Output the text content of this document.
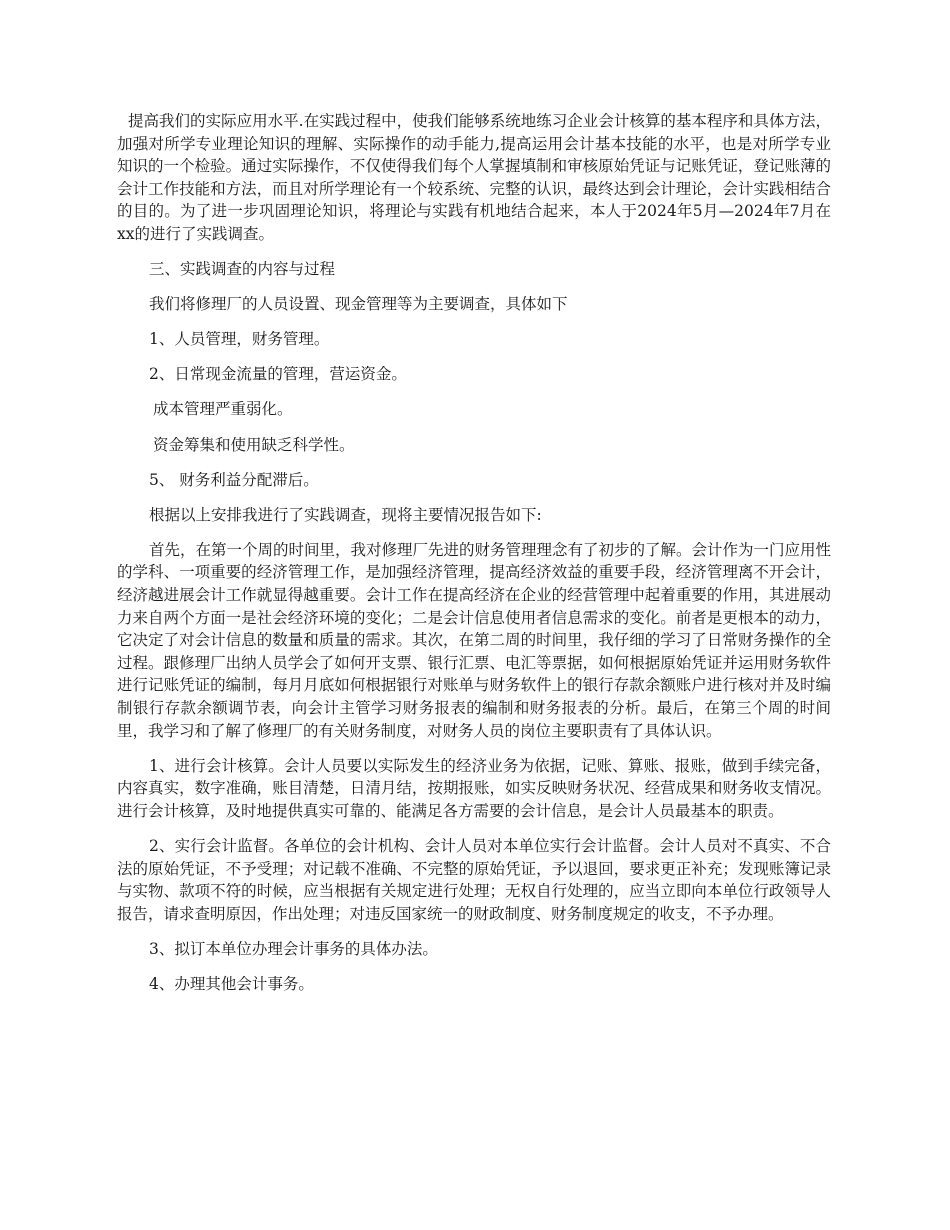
提高我们的实际应用水平.在实践过程中，使我们能够系统地练习企业会计核算的基本程序和具体方法，加强对所学专业理论知识的理解、实际操作的动手能力,提高运用会计基本技能的水平，也是对所学专业知识的一个检验。通过实际操作，不仅使得我们每个人掌握填制和审核原始凭证与记账凭证，登记账薄的会计工作技能和方法，而且对所学理论有一个较系统、完整的认识，最终达到会计理论，会计实践相结合的目的。为了进一步巩固理论知识，将理论与实践有机地结合起来，本人于2024年5月—2024年7月在xx的进行了实践调查。

三、实践调查的内容与过程

我们将修理厂的人员设置、现金管理等为主要调查，具体如下

1、人员管理，财务管理。

2、日常现金流量的管理，营运资金。

成本管理严重弱化。

资金筹集和使用缺乏科学性。

5、 财务利益分配滞后。

根据以上安排我进行了实践调查，现将主要情况报告如下:

首先，在第一个周的时间里，我对修理厂先进的财务管理理念有了初步的了解。会计作为一门应用性的学科、一项重要的经济管理工作，是加强经济管理，提高经济效益的重要手段，经济管理离不开会计，经济越进展会计工作就显得越重要。会计工作在提高经济在企业的经营管理中起着重要的作用，其进展动力来自两个方面一是社会经济环境的变化；二是会计信息使用者信息需求的变化。前者是更根本的动力，它决定了对会计信息的数量和质量的需求。其次，在第二周的时间里，我仔细的学习了日常财务操作的全过程。跟修理厂出纳人员学会了如何开支票、银行汇票、电汇等票据，如何根据原始凭证并运用财务软件进行记账凭证的编制，每月月底如何根据银行对账单与财务软件上的银行存款余额账户进行核对并及时编制银行存款余额调节表，向会计主管学习财务报表的编制和财务报表的分析。最后，在第三个周的时间里，我学习和了解了修理厂的有关财务制度，对财务人员的岗位主要职责有了具体认识。

1、进行会计核算。会计人员要以实际发生的经济业务为依据，记账、算账、报账，做到手续完备，内容真实，数字准确，账目清楚，日清月结，按期报账，如实反映财务状况、经营成果和财务收支情况。进行会计核算，及时地提供真实可靠的、能满足各方需要的会计信息，是会计人员最基本的职责。

2、实行会计监督。各单位的会计机构、会计人员对本单位实行会计监督。会计人员对不真实、不合法的原始凭证，不予受理；对记载不准确、不完整的原始凭证，予以退回，要求更正补充；发现账簿记录与实物、款项不符的时候，应当根据有关规定进行处理；无权自行处理的，应当立即向本单位行政领导人报告，请求查明原因，作出处理；对违反国家统一的财政制度、财务制度规定的收支，不予办理。

3、拟订本单位办理会计事务的具体办法。

4、办理其他会计事务。
